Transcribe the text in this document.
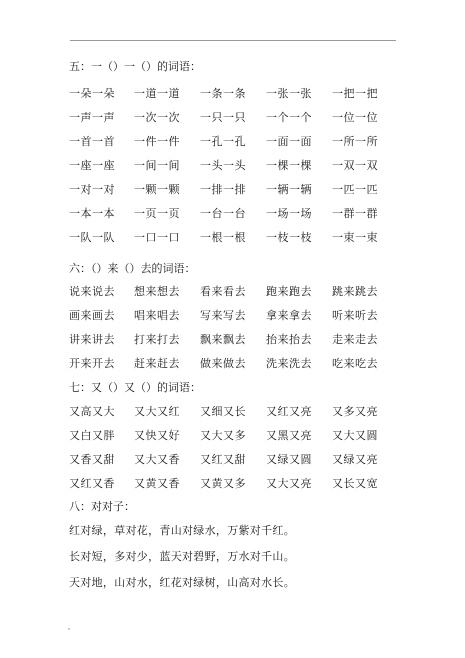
五：一（）一（）的词语：
一朵一朵 一道一道 一条一条 一张一张 一把一把
一声一声 一次一次 一只一只 一个一个 一位一位
一首一首 一件一件 一孔一孔 一面一面 一所一所
一座一座 一间一间 一头一头 一棵一棵 一双一双
一对一对 一颗一颗 一排一排 一辆一辆 一匹一匹
一本一本 一页一页 一台一台 一场一场 一群一群
一队一队 一口一口 一根一根 一枝一枝 一束一束
六：（）来（）去的词语：
说来说去 想来想去 看来看去 跑来跑去 跳来跳去
画来画去 唱来唱去 写来写去 拿来拿去 听来听去
讲来讲去 打来打去 飘来飘去 抬来抬去 走来走去
开来开去 赶来赶去 做来做去 洗来洗去 吃来吃去
七：又（）又（）的词语：
又高又大 又大又红 又细又长 又红又亮 又多又亮
又白又胖 又快又好 又大又多 又黑又亮 又大又圆
又香又甜 又大又香 又红又甜 又绿又圆 又绿又亮
又红又香 又黄又香 又黄又多 又大又亮 又长又宽
八：对对子：
红对绿，草对花，青山对绿水，万紫对千红。
长对短，多对少，蓝天对碧野，万水对千山。
天对地，山对水，红花对绿树，山高对水长。
